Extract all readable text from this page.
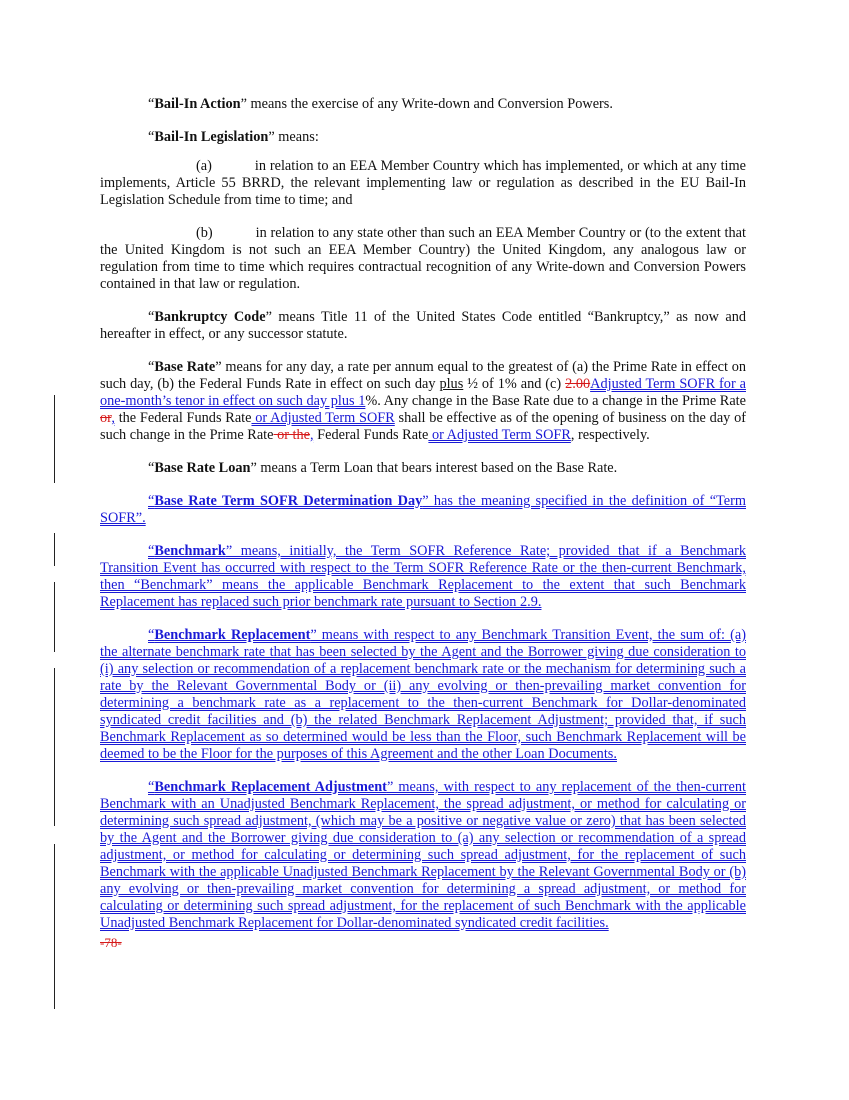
“Bail-In Action” means the exercise of any Write-down and Conversion Powers.

“Bail-In Legislation” means:

(a)	in relation to an EEA Member Country which has implemented, or which at any time implements, Article 55 BRRD, the relevant implementing law or regulation as described in the EU Bail-In Legislation Schedule from time to time; and

(b)	in relation to any state other than such an EEA Member Country or (to the extent that the United Kingdom is not such an EEA Member Country) the United Kingdom, any analogous law or regulation from time to time which requires contractual recognition of any Write-down and Conversion Powers contained in that law or regulation.

“Bankruptcy Code” means Title 11 of the United States Code entitled “Bankruptcy,” as now and hereafter in effect, or any successor statute.

“Base Rate” means for any day, a rate per annum equal to the greatest of (a) the Prime Rate in effect on such day, (b) the Federal Funds Rate in effect on such day plus ½ of 1% and (c) 2.00Adjusted Term SOFR for a one-month’s tenor in effect on such day plus 1%. Any change in the Base Rate due to a change in the Prime Rate or, the Federal Funds Rate or Adjusted Term SOFR shall be effective as of the opening of business on the day of such change in the Prime Rate or the, Federal Funds Rate or Adjusted Term SOFR, respectively.

“Base Rate Loan” means a Term Loan that bears interest based on the Base Rate.

“Base Rate Term SOFR Determination Day” has the meaning specified in the definition of “Term SOFR”.

“Benchmark” means, initially, the Term SOFR Reference Rate; provided that if a Benchmark Transition Event has occurred with respect to the Term SOFR Reference Rate or the then-current Benchmark, then “Benchmark” means the applicable Benchmark Replacement to the extent that such Benchmark Replacement has replaced such prior benchmark rate pursuant to Section 2.9.

“Benchmark Replacement” means with respect to any Benchmark Transition Event, the sum of: (a) the alternate benchmark rate that has been selected by the Agent and the Borrower giving due consideration to (i) any selection or recommendation of a replacement benchmark rate or the mechanism for determining such a rate by the Relevant Governmental Body or (ii) any evolving or then-prevailing market convention for determining a benchmark rate as a replacement to the then-current Benchmark for Dollar-denominated syndicated credit facilities and (b) the related Benchmark Replacement Adjustment; provided that, if such Benchmark Replacement as so determined would be less than the Floor, such Benchmark Replacement will be deemed to be the Floor for the purposes of this Agreement and the other Loan Documents.

“Benchmark Replacement Adjustment” means, with respect to any replacement of the then-current Benchmark with an Unadjusted Benchmark Replacement, the spread adjustment, or method for calculating or determining such spread adjustment, (which may be a positive or negative value or zero) that has been selected by the Agent and the Borrower giving due consideration to (a) any selection or recommendation of a spread adjustment, or method for calculating or determining such spread adjustment, for the replacement of such Benchmark with the applicable Unadjusted Benchmark Replacement by the Relevant Governmental Body or (b) any evolving or then-prevailing market convention for determining a spread adjustment, or method for calculating or determining such spread adjustment, for the replacement of such Benchmark with the applicable Unadjusted Benchmark Replacement for Dollar-denominated syndicated credit facilities.

-78-
